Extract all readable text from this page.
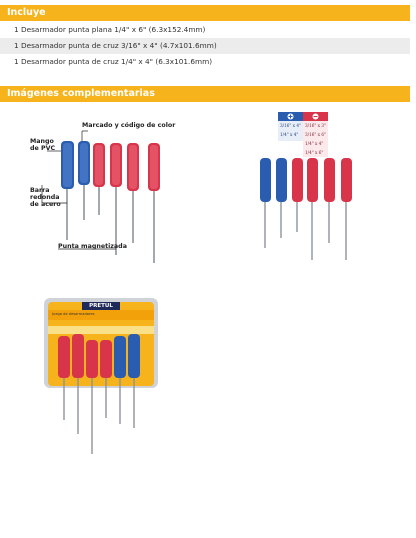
Incluye
1 Desarmador punta plana 1/4" x 6" (6.3x152.4mm)
1 Desarmador punta de cruz 3/16" x 4" (4.7x101.6mm)
1 Desarmador punta de cruz 1/4" x 4" (6.3x101.6mm)
Imágenes complementarias
Marcado y código de color
Mango
de PVC
Barra
redonda
de acero
Punta magnetizada
3/16" x 4"
1/4" x 4"
3/16" x 3"
3/16" x 6"
1/4" x 4"
1/4" x 6"
PRETUL
Juego de desarmadores
